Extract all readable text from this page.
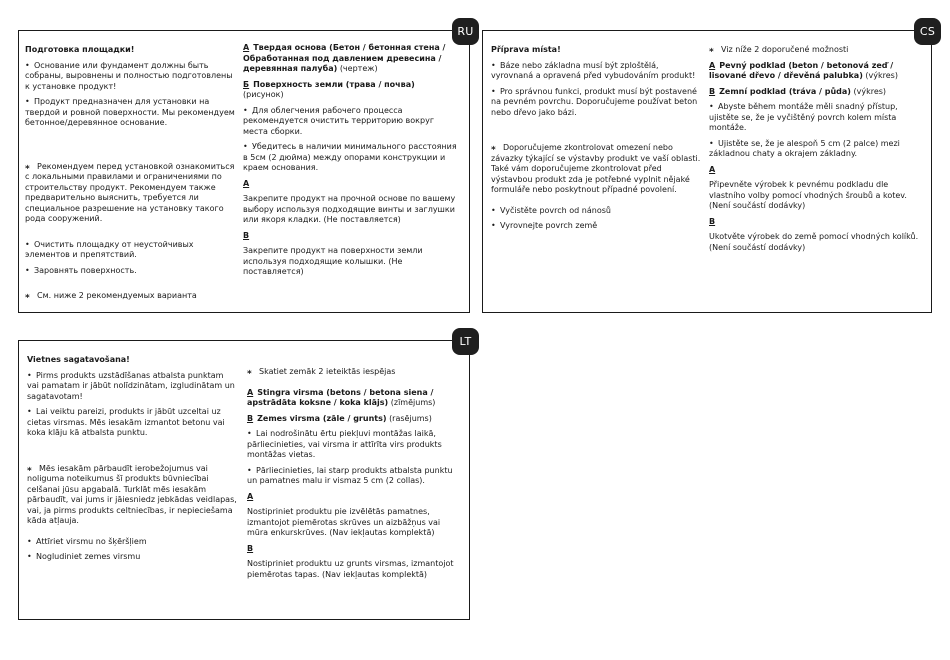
RU

Подготовка площадки!

• Основание или фундамент должны быть собраны, выровнены и полностью подготовлены к установке продукт!

• Продукт предназначен для установки на твердой и ровной поверхности. Мы рекомендуем бетонное/деревянное основание.

⁎ Рекомендуем перед установкой ознакомиться с локальными правилами и ограничениями по строительству продукт. Рекомендуем также предварительно выяснить, требуется ли специальное разрешение на установку такого рода сооружений.

• Очистить площадку от неустойчивых элементов и препятствий.

• Заровнять поверхность.

⁎ См. ниже 2 рекомендуемых варианта

A Твердая основа (Бетон / бетонная стена / Обработанная под давлением древесина / деревянная палуба) (чертеж)

Б Поверхность земли (трава / почва) (рисунок)

• Для облегчения рабочего процесса рекомендуется очистить территорию вокруг места сборки.

• Убедитесь в наличии минимального расстояния в 5см (2 дюйма) между опорами конструкции и краем основания.

A

Закрепите продукт на прочной основе по вашему выбору используя подходящие винты и заглушки или якоря кладки. (Не поставляется)

B

Закрепите продукт на поверхности земли используя подходящие колышки. (Не поставляется)

CS

Příprava místa!

• Báze nebo základna musí být zploštělá, vyrovnaná a opravená před vybudováním produkt!

• Pro správnou funkci, produkt musí být postavené na pevném povrchu. Doporučujeme používat beton nebo dřevo jako bázi.

⁎ Doporučujeme zkontrolovat omezení nebo závazky týkající se výstavby produkt ve vaší oblasti. Také vám doporučujeme zkontrolovat před výstavbou produkt zda je potřebné vyplnit nějaké formuláře nebo poskytnout případné povolení.

• Vyčistěte povrch od nánosů

• Vyrovnejte povrch země

⁎ Viz níže 2 doporučené možnosti

A Pevný podklad (beton / betonová zeď / lisované dřevo / dřevěná palubka) (výkres)

B Zemní podklad (tráva / půda) (výkres)

• Abyste během montáže měli snadný přístup, ujistěte se, že je vyčištěný povrch kolem místa montáže.

• Ujistěte se, že je alespoň 5 cm (2 palce) mezi základnou chaty a okrajem základny.

A

Připevněte výrobek k pevnému podkladu dle vlastního volby pomocí vhodných šroubů a kotev. (Není součástí dodávky)

B

Ukotvěte výrobek do země pomocí vhodných kolíků. (Není součástí dodávky)

LT

Vietnes sagatavošana!

• Pirms produkts uzstādīšanas atbalsta punktam vai pamatam ir jābūt nolīdzinātam, izgludinātam un sagatavotam!

• Lai veiktu pareizi, produkts ir jābūt uzceltai uz cietas virsmas. Mēs iesakām izmantot betonu vai koka klāju kā atbalsta punktu.

⁎ Mēs iesakām pārbaudīt ierobežojumus vai noliguma noteikumus šī produkts būvniecībai celšanai jūsu apgabalā. Turklāt mēs iesakām pārbaudīt, vai jums ir jāiesniedz jebkādas veidlapas, vai, ja pirms produkts celtniecības, ir nepieciešama kāda atļauja.

• Attīriet virsmu no šķēršļiem

• Nogludiniet zemes virsmu

⁎ Skatiet zemāk 2 ieteiktās iespējas

A Stingra virsma (betons / betona siena / apstrādāta koksne / koka klājs) (zīmējums)

B Zemes virsma (zāle / grunts) (rasējums)

• Lai nodrošinātu ērtu piekļuvi montāžas laikā, pārliecinieties, vai virsma ir attīrīta virs produkts montāžas vietas.

• Pārliecinieties, lai starp produkts atbalsta punktu un pamatnes malu ir vismaz 5 cm (2 collas).

A

Nostipriniet produktu pie izvēlētās pamatnes, izmantojot piemērotas skrūves un aizbāžņus vai mūra enkurskrūves. (Nav iekļautas komplektā)

B

Nostipriniet produktu uz grunts virsmas, izmantojot piemērotas tapas. (Nav iekļautas komplektā)
